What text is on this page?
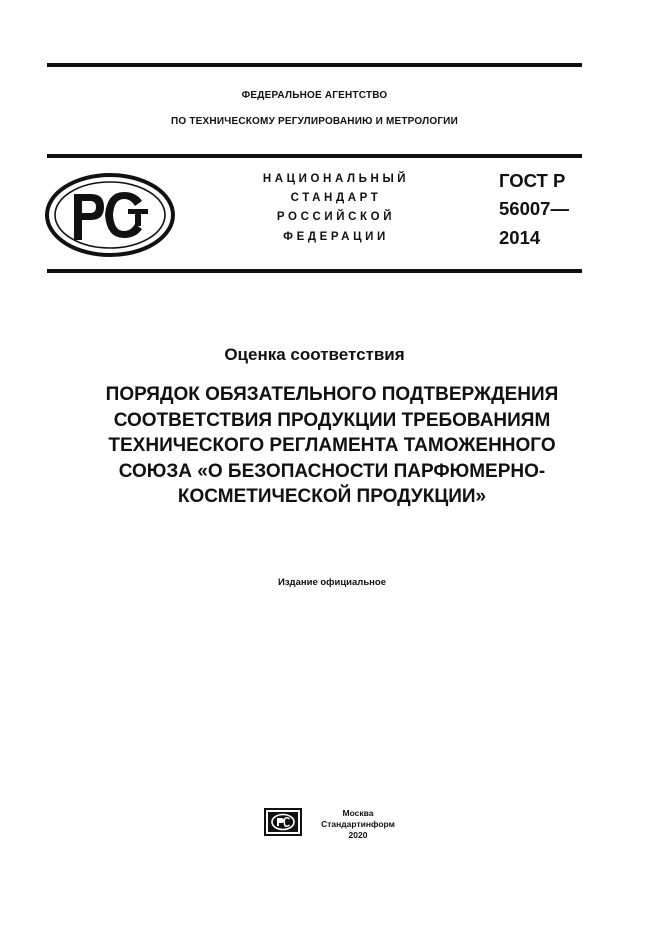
ФЕДЕРАЛЬНОЕ АГЕНТСТВО
ПО ТЕХНИЧЕСКОМУ РЕГУЛИРОВАНИЮ И МЕТРОЛОГИИ
НАЦИОНАЛЬНЫЙ
СТАНДАРТ
РОССИЙСКОЙ
ФЕДЕРАЦИИ
ГОСТ Р
56007—
2014
Оценка соответствия
ПОРЯДОК ОБЯЗАТЕЛЬНОГО ПОДТВЕРЖДЕНИЯ
СООТВЕТСТВИЯ ПРОДУКЦИИ ТРЕБОВАНИЯМ
ТЕХНИЧЕСКОГО РЕГЛАМЕНТА ТАМОЖЕННОГО
СОЮЗА «О БЕЗОПАСНОСТИ ПАРФЮМЕРНО-
КОСМЕТИЧЕСКОЙ ПРОДУКЦИИ»
Издание официальное
Москва
Стандартинформ
2020
